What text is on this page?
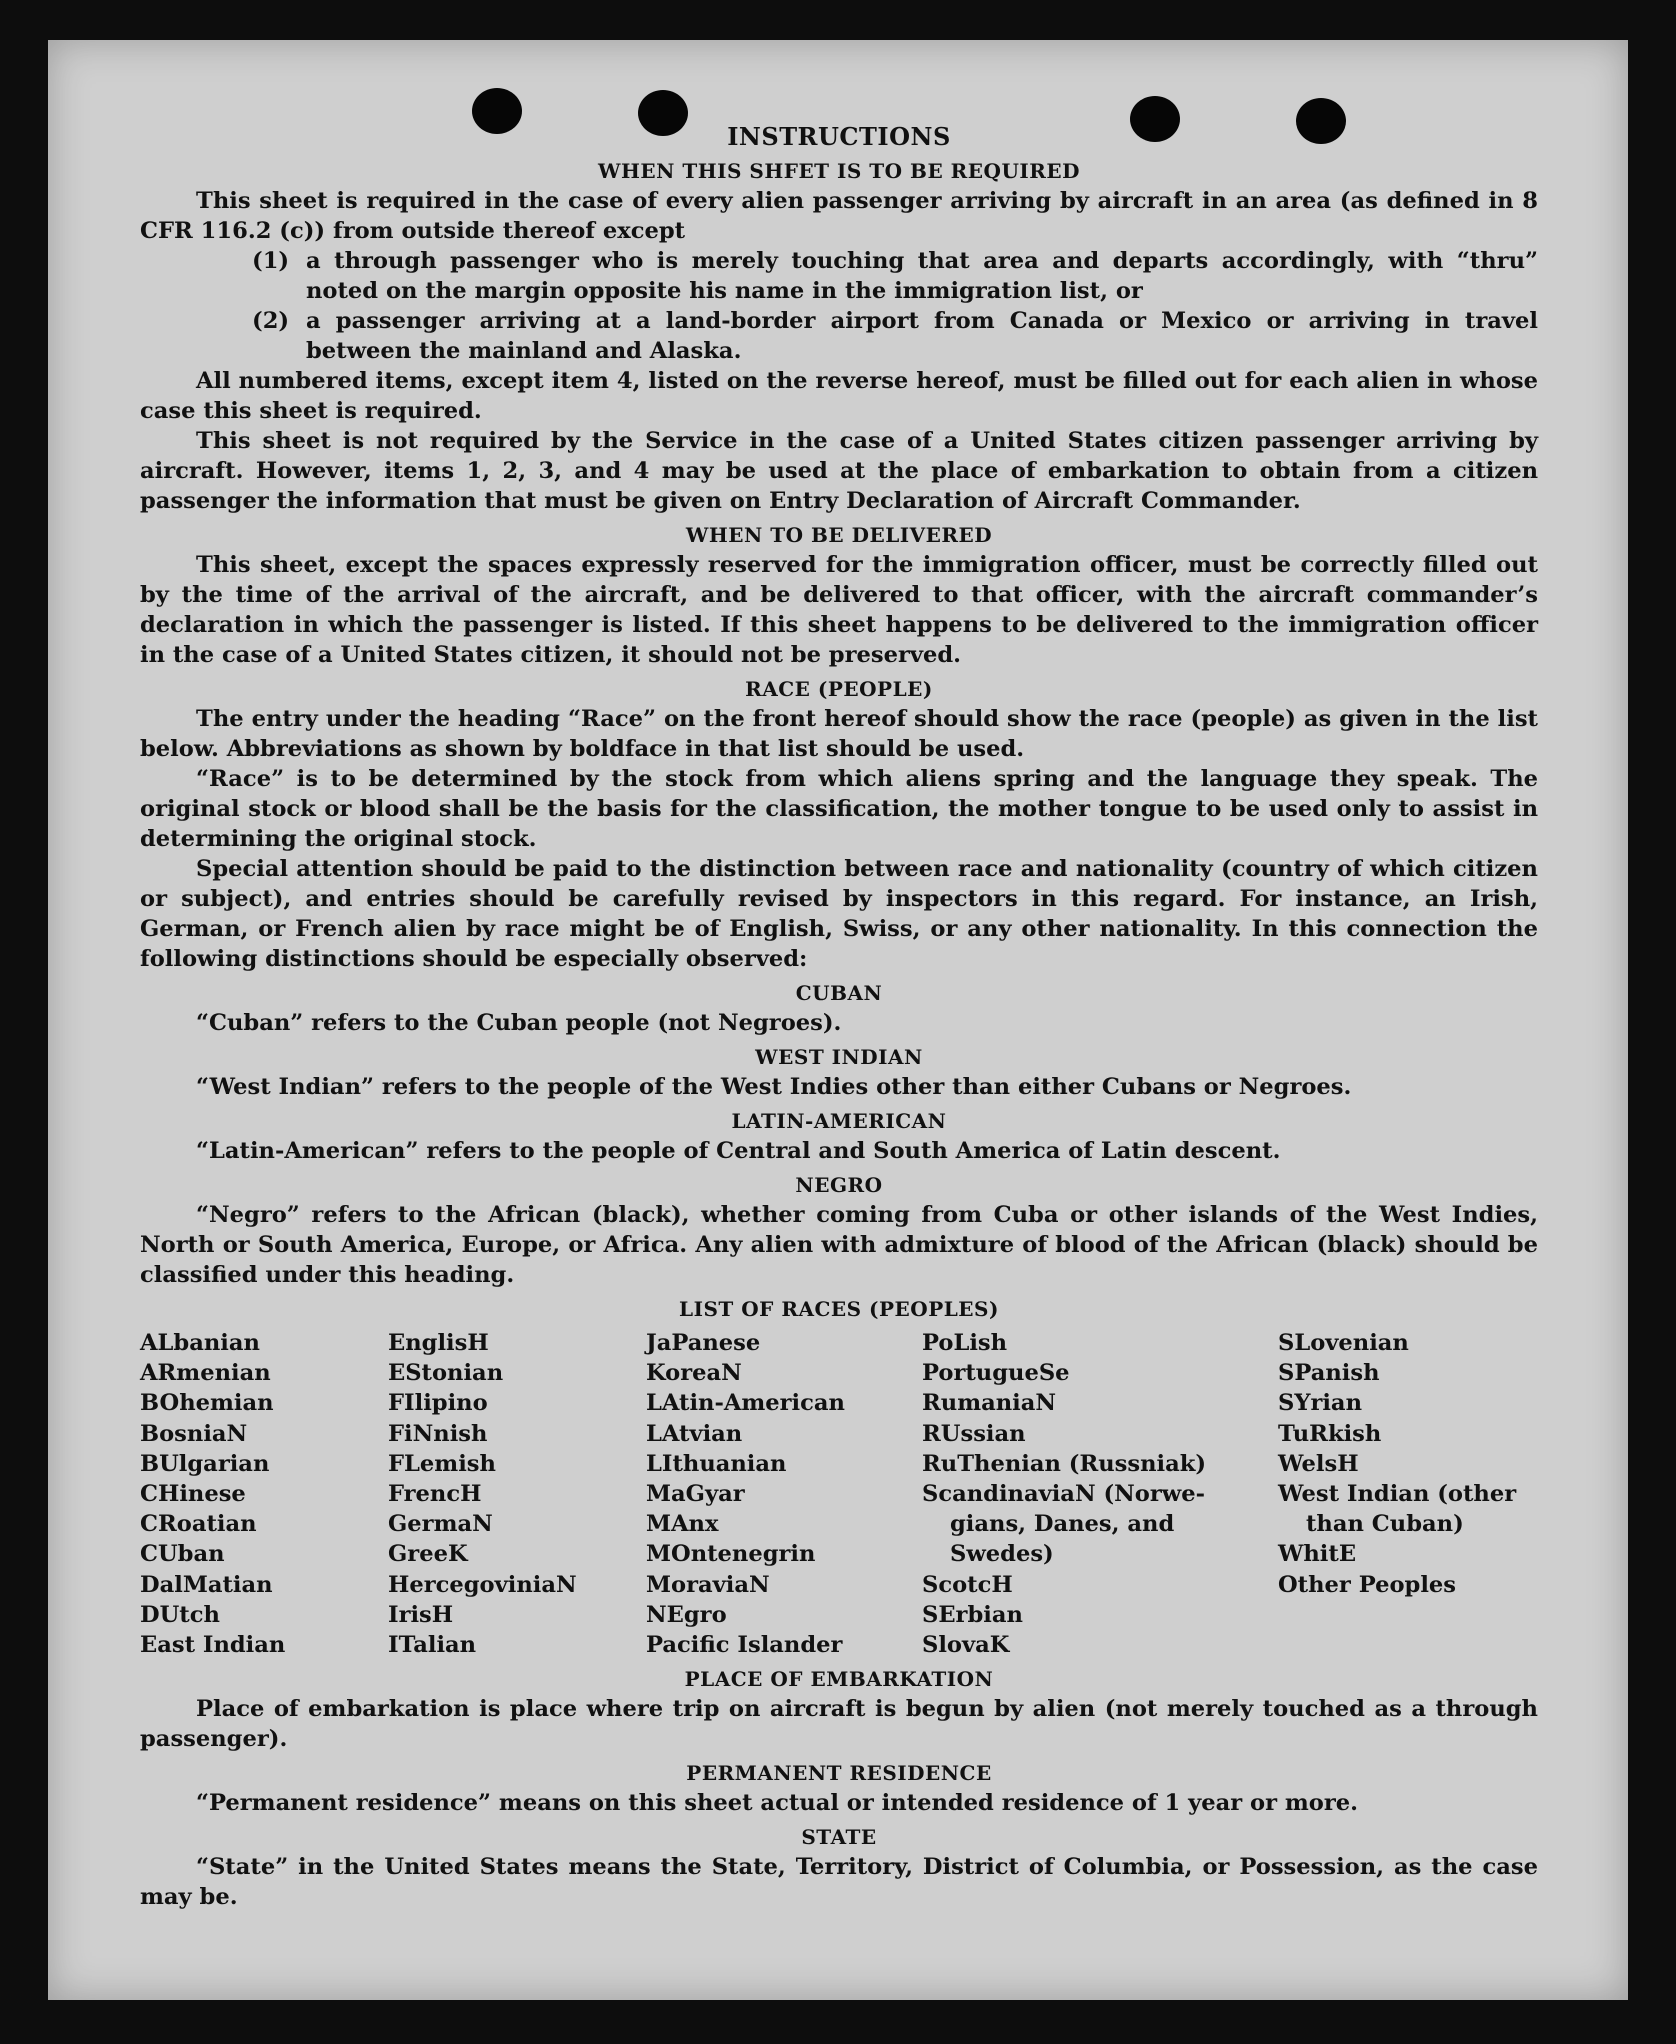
INSTRUCTIONS
WHEN THIS SHFET IS TO BE REQUIRED

This sheet is required in the case of every alien passenger arriving by aircraft in an area (as defined in 8 CFR 116.2 (c)) from outside thereof except

(1) a through passenger who is merely touching that area and departs accordingly, with “thru” noted on the margin opposite his name in the immigration list, or
(2) a passenger arriving at a land-border airport from Canada or Mexico or arriving in travel between the mainland and Alaska.

All numbered items, except item 4, listed on the reverse hereof, must be filled out for each alien in whose case this sheet is required.

This sheet is not required by the Service in the case of a United States citizen passenger arriving by aircraft. However, items 1, 2, 3, and 4 may be used at the place of embarkation to obtain from a citizen passenger the information that must be given on Entry Declaration of Aircraft Commander.

WHEN TO BE DELIVERED

This sheet, except the spaces expressly reserved for the immigration officer, must be correctly filled out by the time of the arrival of the aircraft, and be delivered to that officer, with the aircraft commander’s declaration in which the passenger is listed. If this sheet happens to be delivered to the immigration officer in the case of a United States citizen, it should not be preserved.

RACE (PEOPLE)

The entry under the heading “Race” on the front hereof should show the race (people) as given in the list below. Abbreviations as shown by boldface in that list should be used.

“Race” is to be determined by the stock from which aliens spring and the language they speak. The original stock or blood shall be the basis for the classification, the mother tongue to be used only to assist in determining the original stock.

Special attention should be paid to the distinction between race and nationality (country of which citizen or subject), and entries should be carefully revised by inspectors in this regard. For instance, an Irish, German, or French alien by race might be of English, Swiss, or any other nationality. In this connection the following distinctions should be especially observed:

CUBAN

“Cuban” refers to the Cuban people (not Negroes).

WEST INDIAN

“West Indian” refers to the people of the West Indies other than either Cubans or Negroes.

LATIN-AMERICAN

“Latin-American” refers to the people of Central and South America of Latin descent.

NEGRO

“Negro” refers to the African (black), whether coming from Cuba or other islands of the West Indies, North or South America, Europe, or Africa. Any alien with admixture of blood of the African (black) should be classified under this heading.

LIST OF RACES (PEOPLES)
ALbanian
ARmenian
BOhemian
BosniaN
BUlgarian
CHinese
CRoatian
CUban
DalMatian
DUtch
East Indian
EnglisH
EStonian
FIlipino
FiNnish
FLemish
FrencH
GermaN
GreeK
HercegoviniaN
IrisH
ITalian
JaPanese
KoreaN
LAtin-American
LAtvian
LIthuanian
MaGyar
MAnx
MOntenegrin
MoraviaN
NEgro
Pacific Islander
PoLish
PortugueSe
RumaniaN
RUssian
RuThenian (Russniak)
ScandinaviaN (Norwe-
gians, Danes, and
Swedes)
ScotcH
SErbian
SlovaK
SLovenian
SPanish
SYrian
TuRkish
WelsH
West Indian (other
than Cuban)
WhitE
Other Peoples
PLACE OF EMBARKATION

Place of embarkation is place where trip on aircraft is begun by alien (not merely touched as a through passenger).

PERMANENT RESIDENCE

“Permanent residence” means on this sheet actual or intended residence of 1 year or more.

STATE

“State” in the United States means the State, Territory, District of Columbia, or Possession, as the case may be.
